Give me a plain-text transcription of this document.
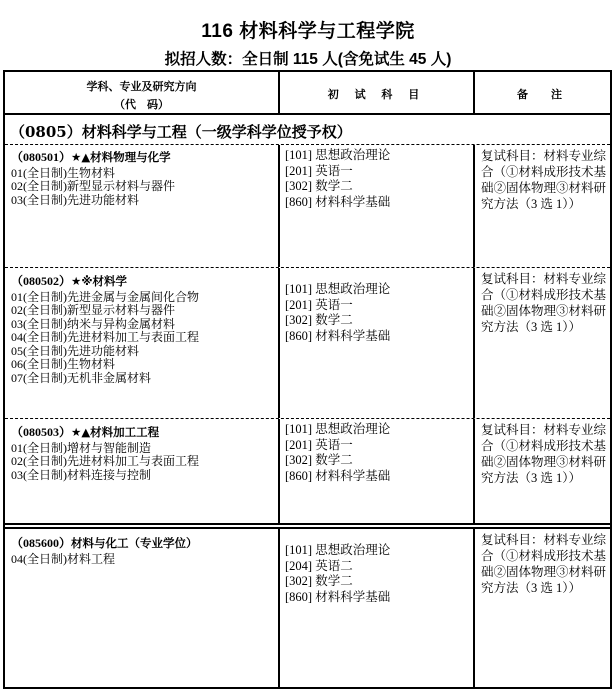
116 材料科学与工程学院
拟招人数：全日制 115 人(含免试生 45 人)
学科、专业及研究方向
（代　码）
初 试 科 目	备　注
（0805）材料科学与工程（一级学科学位授予权）
（080501）★▲材料物理与化学
01(全日制)生物材料
02(全日制)新型显示材料与器件
03(全日制)先进功能材料
[101] 思想政治理论
[201] 英语一
[302] 数学二
[860] 材料科学基础
复试科目：材料专业综合（①材料成形技术基础②固体物理③材料研究方法（3 选 1））
（080502）★※材料学
01(全日制)先进金属与金属间化合物
02(全日制)新型显示材料与器件
03(全日制)纳米与异构金属材料
04(全日制)先进材料加工与表面工程
05(全日制)先进功能材料
06(全日制)生物材料
07(全日制)无机非金属材料
[101] 思想政治理论
[201] 英语一
[302] 数学二
[860] 材料科学基础
复试科目：材料专业综合（①材料成形技术基础②固体物理③材料研究方法（3 选 1））
（080503）★▲材料加工工程
01(全日制)增材与智能制造
02(全日制)先进材料加工与表面工程
03(全日制)材料连接与控制
[101] 思想政治理论
[201] 英语一
[302] 数学二
[860] 材料科学基础
复试科目：材料专业综合（①材料成形技术基础②固体物理③材料研究方法（3 选 1））
（085600）材料与化工（专业学位）
04(全日制)材料工程
[101] 思想政治理论
[204] 英语二
[302] 数学二
[860] 材料科学基础
复试科目：材料专业综合（①材料成形技术基础②固体物理③材料研究方法（3 选 1））
